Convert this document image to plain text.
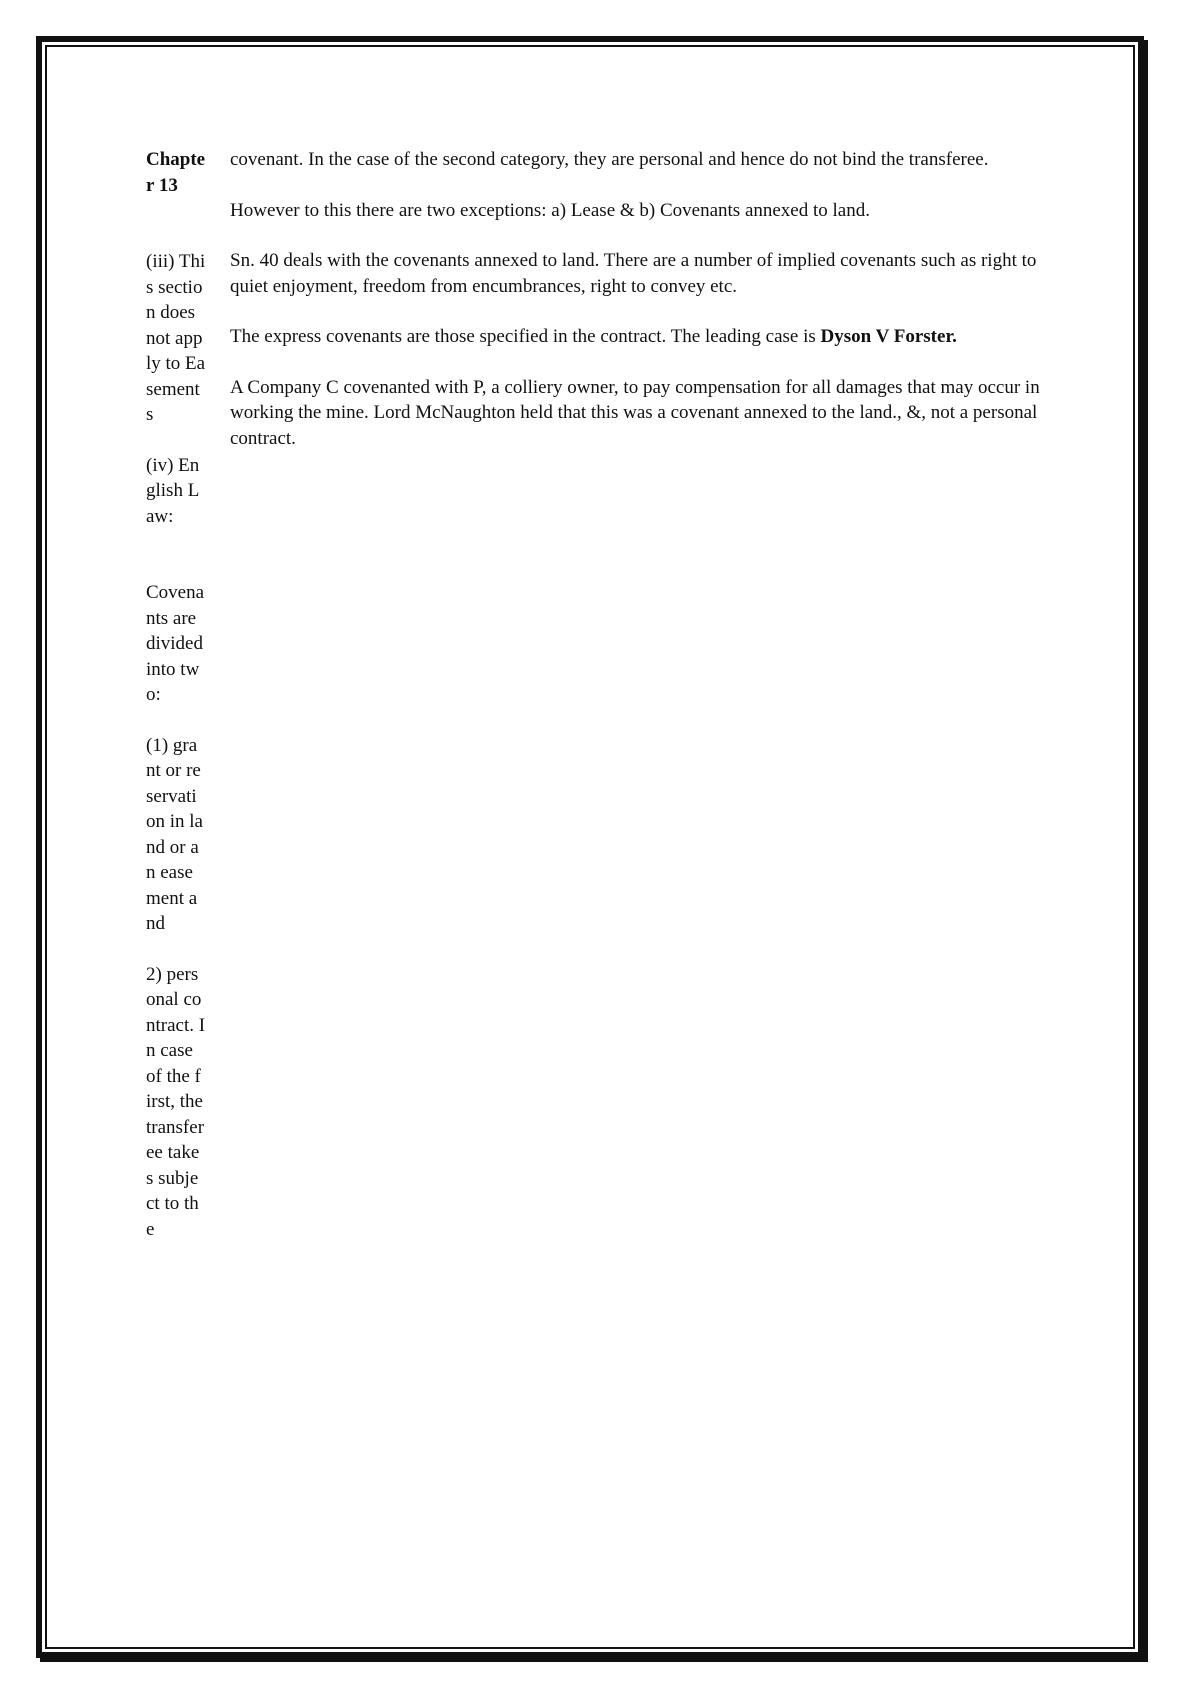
Chapter 13

(iii) This section does not apply to Easements

(iv) English Law:

Covenants are divided into two:

(1) grant or reservation in land or an easement and

2) personal contract. In case of the first, the transferee takes subject to the

covenant. In the case of the second category, they are personal and hence do not bind the transferee.

However to this there are two exceptions: a) Lease & b) Covenants annexed to land.

Sn. 40 deals with the covenants annexed to land. There are a number of implied covenants such as right to quiet enjoyment, freedom from encumbrances, right to convey etc.

The express covenants are those specified in the contract. The leading case is Dyson V Forster.

A Company C covenanted with P, a colliery owner, to pay compensation for all damages that may occur in working the mine. Lord McNaughton held that this was a covenant annexed to the land., &, not a personal contract.
